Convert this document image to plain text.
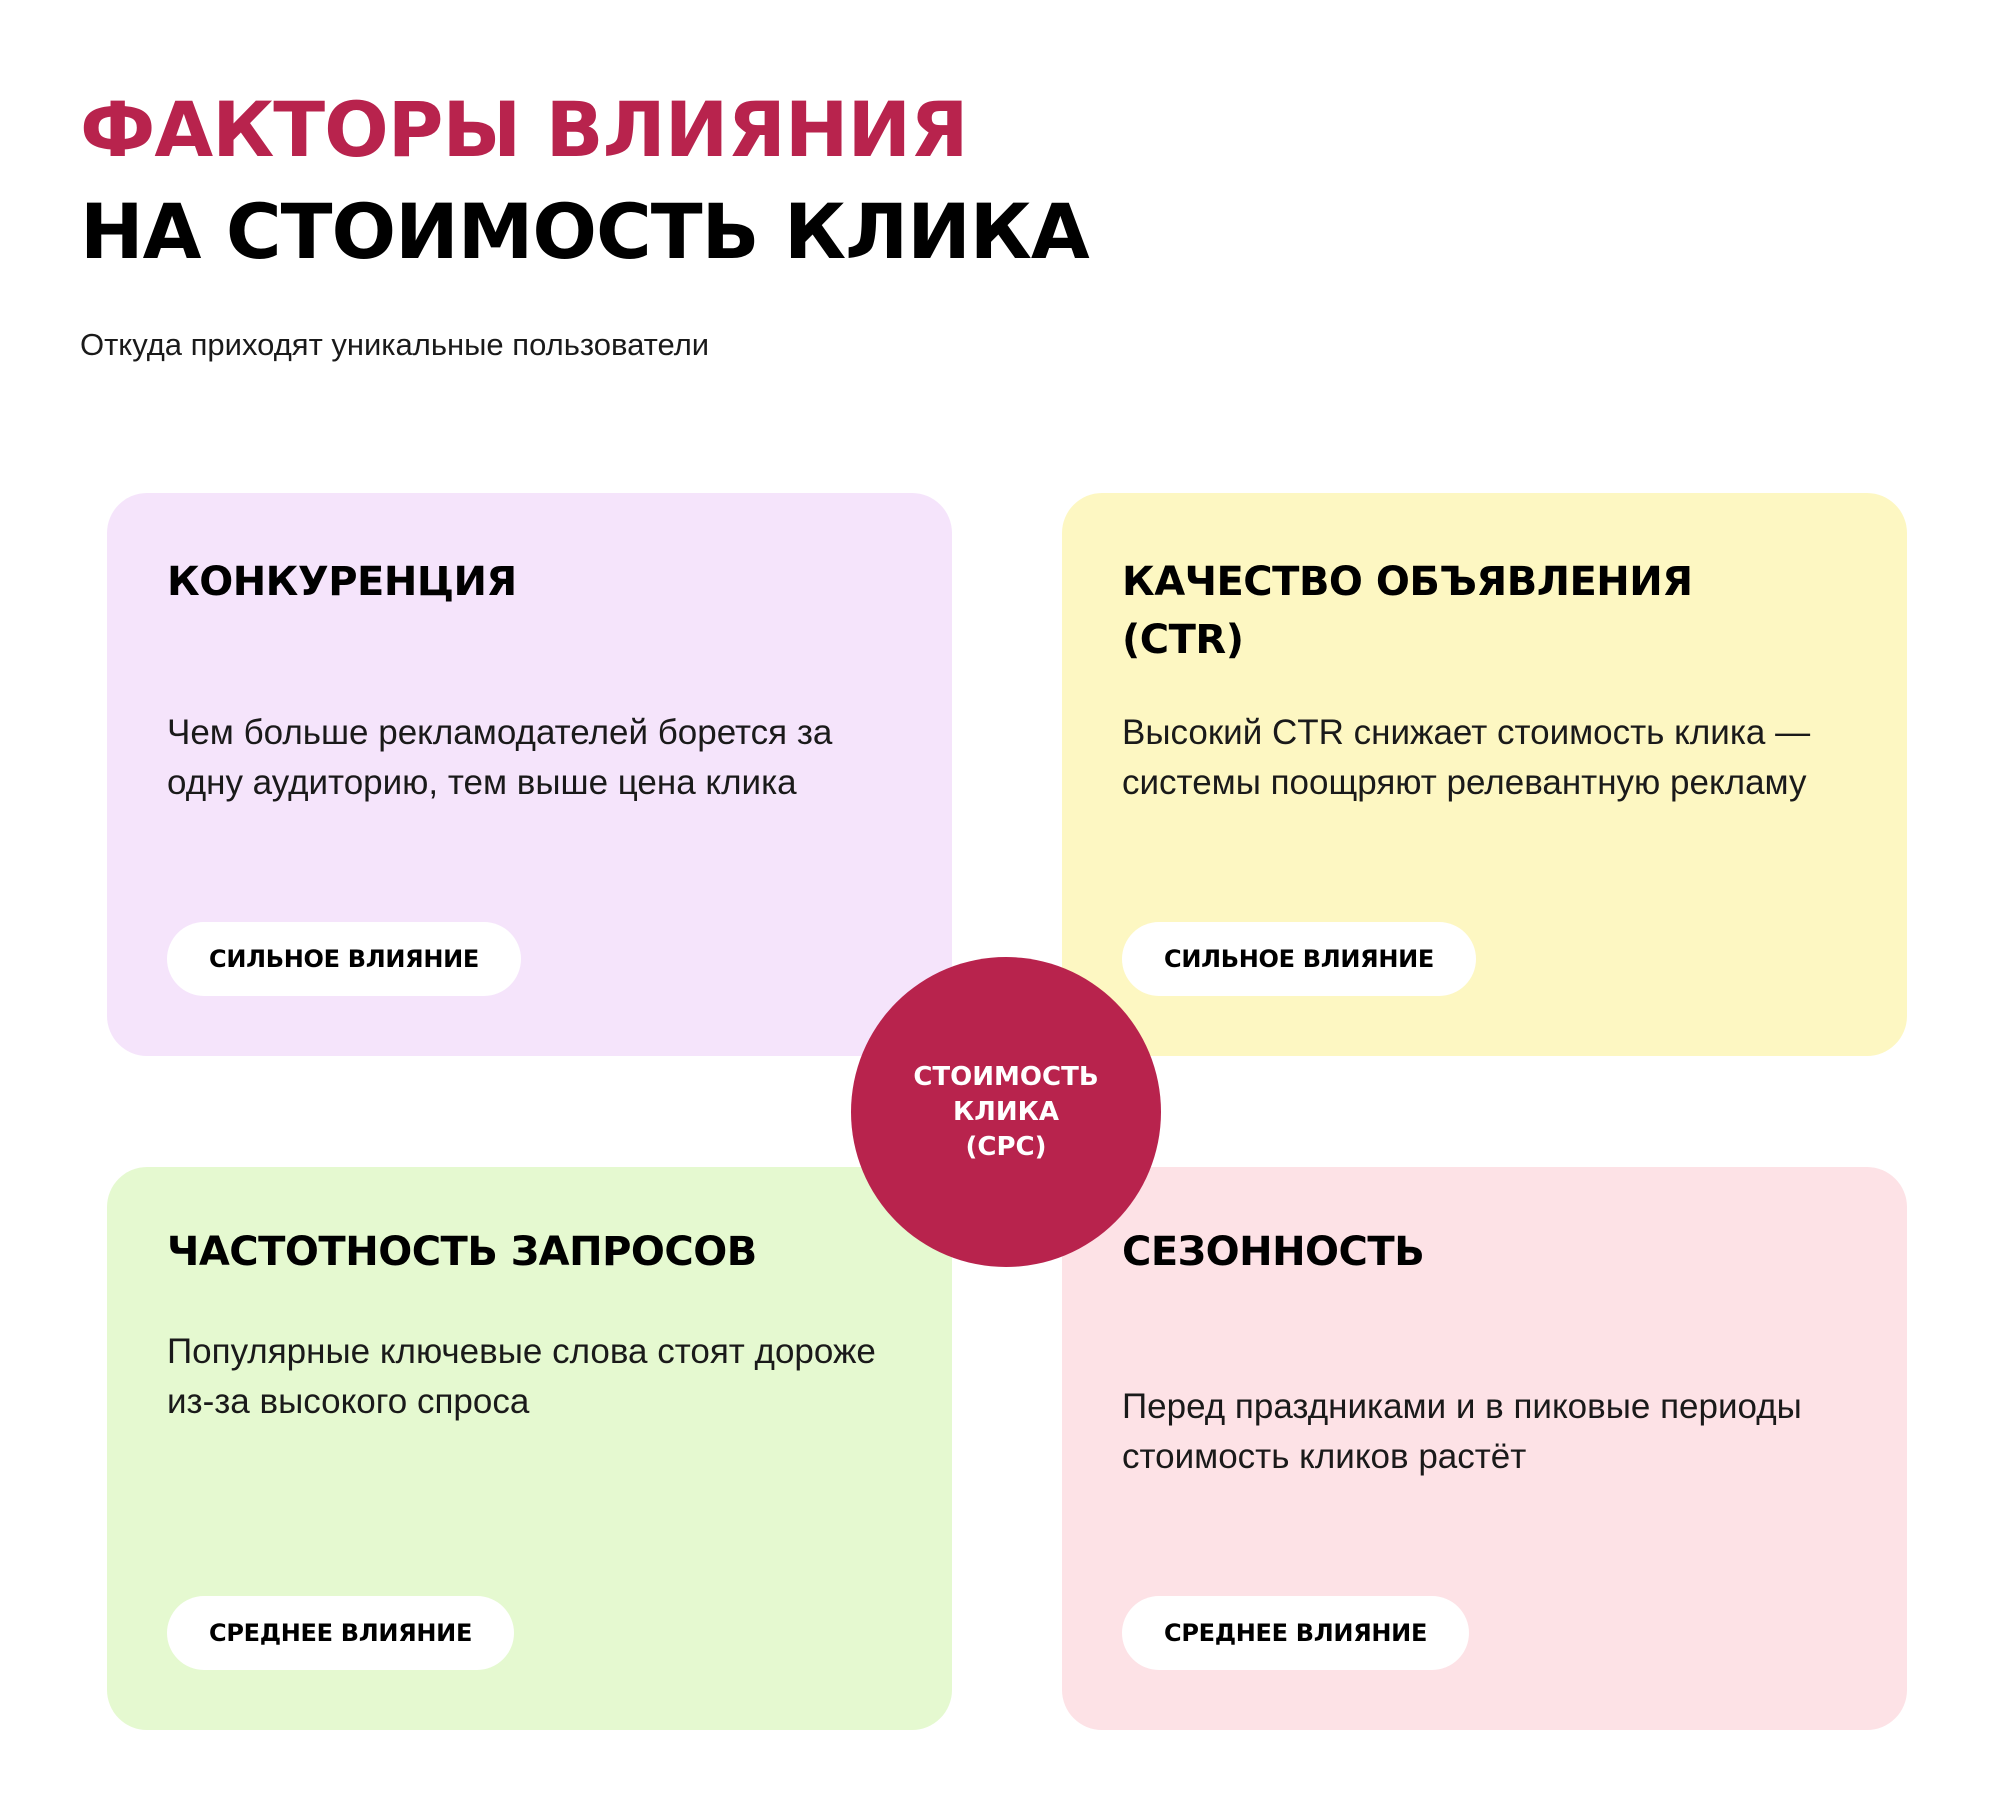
ФАКТОРЫ ВЛИЯНИЯ
НА СТОИМОСТЬ КЛИКА

Откуда приходят уникальные пользователи

КОНКУРЕНЦИЯ

Чем больше рекламодателей борется за одну аудиторию, тем выше цена клика

СИЛЬНОЕ ВЛИЯНИЕ
КАЧЕСТВО ОБЪЯВЛЕНИЯ (CTR)

Высокий CTR снижает стоимость клика — системы поощряют релевантную рекламу

СИЛЬНОЕ ВЛИЯНИЕ
ЧАСТОТНОСТЬ ЗАПРОСОВ

Популярные ключевые слова стоят дороже из-за высокого спроса

СРЕДНЕЕ ВЛИЯНИЕ
СЕЗОННОСТЬ

Перед праздниками и в пиковые периоды стоимость кликов растёт

СРЕДНЕЕ ВЛИЯНИЕ
СТОИМОСТЬ
КЛИКА
(CPC)
